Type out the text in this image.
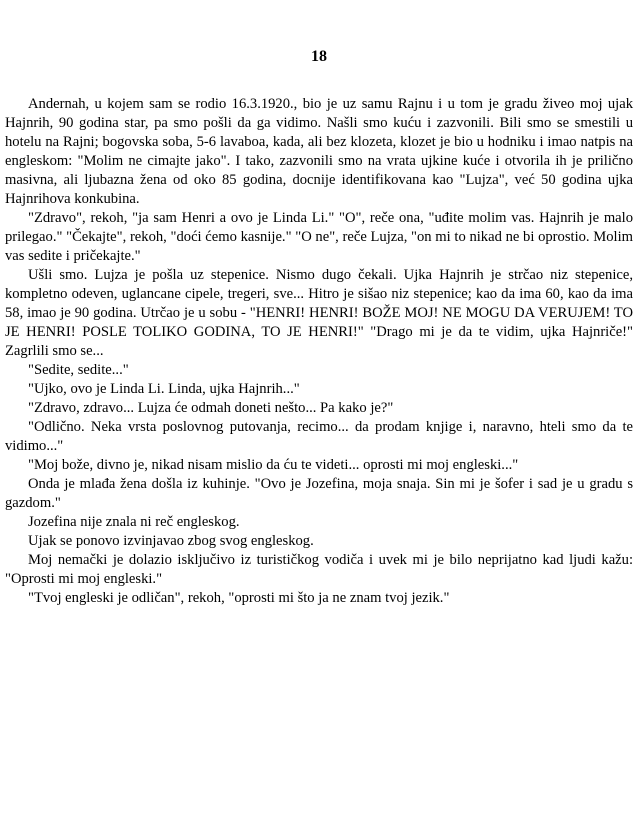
18

Andernah, u kojem sam se rodio 16.3.1920., bio je uz samu Rajnu i u tom je gradu živeo moj ujak Hajnrih, 90 godina star, pa smo pošli da ga vidimo. Našli smo kuću i zazvonili. Bili smo se smestili u hotelu na Rajni; bogovska soba, 5-6 lavaboa, kada, ali bez klozeta, klozet je bio u hodniku i imao natpis na engleskom: "Molim ne cimajte jako". I tako, zazvonili smo na vrata ujkine kuće i otvorila ih je prilično masivna, ali ljubazna žena od oko 85 godina, docnije identifikovana kao "Lujza", već 50 godina ujka Hajnrihova konkubina.

"Zdravo", rekoh, "ja sam Henri a ovo je Linda Li." "O", reče ona, "uđite molim vas. Hajnrih je malo prilegao." "Čekajte", rekoh, "doći ćemo kasnije." "O ne", reče Lujza, "on mi to nikad ne bi oprostio. Molim vas sedite i pričekajte."

Ušli smo. Lujza je pošla uz stepenice. Nismo dugo čekali. Ujka Hajnrih je strčao niz stepenice, kompletno odeven, uglancane cipele, tregeri, sve... Hitro je sišao niz stepenice; kao da ima 60, kao da ima 58, imao je 90 godina. Utrčao je u sobu - "HENRI! HENRI! BOŽE MOJ! NE MOGU DA VERUJEM! TO JE HENRI! POSLE TOLIKO GODINA, TO JE HENRI!" "Drago mi je da te vidim, ujka Hajnriče!" Zagrlili smo se...

"Sedite, sedite..."

"Ujko, ovo je Linda Li. Linda, ujka Hajnrih..."

"Zdravo, zdravo... Lujza će odmah doneti nešto... Pa kako je?"

"Odlično. Neka vrsta poslovnog putovanja, recimo... da prodam knjige i, naravno, hteli smo da te vidimo..."

"Moj bože, divno je, nikad nisam mislio da ću te videti... oprosti mi moj engleski..."

Onda je mlađa žena došla iz kuhinje. "Ovo je Jozefina, moja snaja. Sin mi je šofer i sad je u gradu s gazdom."

Jozefina nije znala ni reč engleskog.

Ujak se ponovo izvinjavao zbog svog engleskog.

Moj nemački je dolazio isključivo iz turističkog vodiča i uvek mi je bilo neprijatno kad ljudi kažu: "Oprosti mi moj engleski."

"Tvoj engleski je odličan", rekoh, "oprosti mi što ja ne znam tvoj jezik."
